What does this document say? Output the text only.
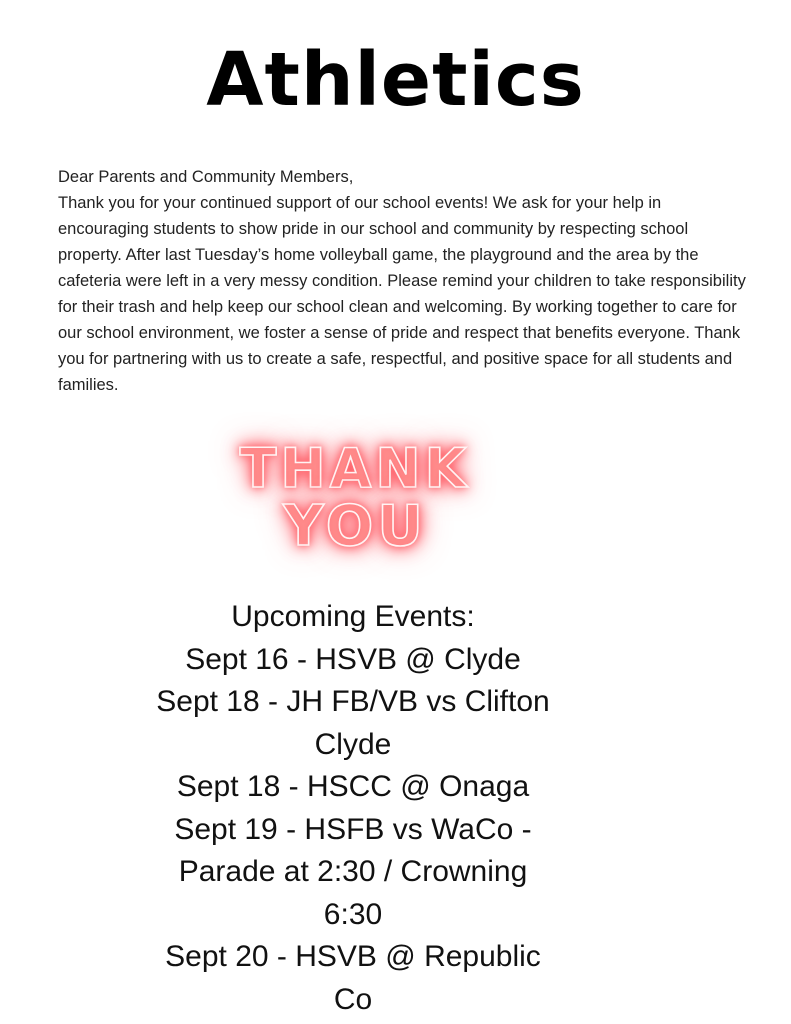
Athletics

Dear Parents and Community Members,

Thank you for your continued support of our school events! We ask for your help in encouraging students to show pride in our school and community by respecting school property. After last Tuesday’s home volleyball game, the playground and the area by the cafeteria were left in a very messy condition. Please remind your children to take responsibility for their trash and help keep our school clean and welcoming. By working together to care for our school environment, we foster a sense of pride and respect that benefits everyone. Thank you for partnering with us to create a safe, respectful, and positive space for all students and families.

THANK
YOU
Upcoming Events:
Sept 16 - HSVB @ Clyde
Sept 18 - JH FB/VB vs Clifton Clyde
Sept 18 - HSCC @ Onaga
Sept 19 - HSFB vs WaCo - Parade at 2:30 / Crowning 6:30
Sept 20 - HSVB @ Republic Co
